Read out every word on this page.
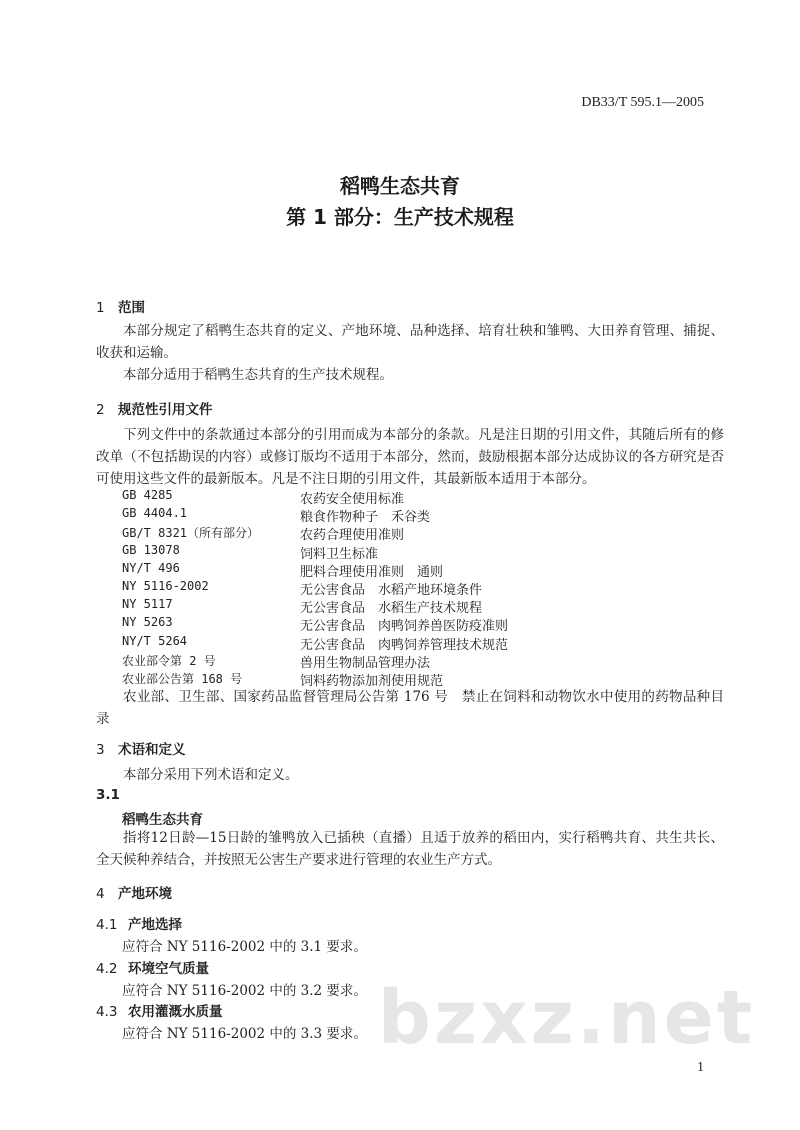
DB33/T 595.1—2005
稻鸭生态共育
第 1 部分：生产技术规程
1 范围
本部分规定了稻鸭生态共育的定义、产地环境、品种选择、培育壮秧和雏鸭、大田养育管理、捕捉、收获和运输。
本部分适用于稻鸭生态共育的生产技术规程。
2 规范性引用文件
下列文件中的条款通过本部分的引用而成为本部分的条款。凡是注日期的引用文件，其随后所有的修改单（不包括勘误的内容）或修订版均不适用于本部分，然而，鼓励根据本部分达成协议的各方研究是否可使用这些文件的最新版本。凡是不注日期的引用文件，其最新版本适用于本部分。
GB 4285	农药安全使用标准
GB 4404.1	粮食作物种子　禾谷类
GB/T 8321（所有部分）	农药合理使用准则
GB 13078	饲料卫生标准
NY/T 496	肥料合理使用准则　通则
NY 5116-2002	无公害食品　水稻产地环境条件
NY 5117	无公害食品　水稻生产技术规程
NY 5263	无公害食品　肉鸭饲养兽医防疫准则
NY/T 5264	无公害食品　肉鸭饲养管理技术规范
农业部令第 2 号	兽用生物制品管理办法
农业部公告第 168 号	饲料药物添加剂使用规范
农业部、卫生部、国家药品监督管理局公告第 176 号　禁止在饲料和动物饮水中使用的药物品种目录
3 术语和定义
本部分采用下列术语和定义。
3.1
稻鸭生态共育
指将12日龄—15日龄的雏鸭放入已插秧（直播）且适于放养的稻田内，实行稻鸭共育、共生共长、全天候种养结合，并按照无公害生产要求进行管理的农业生产方式。
4 产地环境
4.1 产地选择
应符合 NY 5116-2002 中的 3.1 要求。
4.2 环境空气质量
应符合 NY 5116-2002 中的 3.2 要求。
4.3 农用灌溉水质量
应符合 NY 5116-2002 中的 3.3 要求。 bzxz.net
1
